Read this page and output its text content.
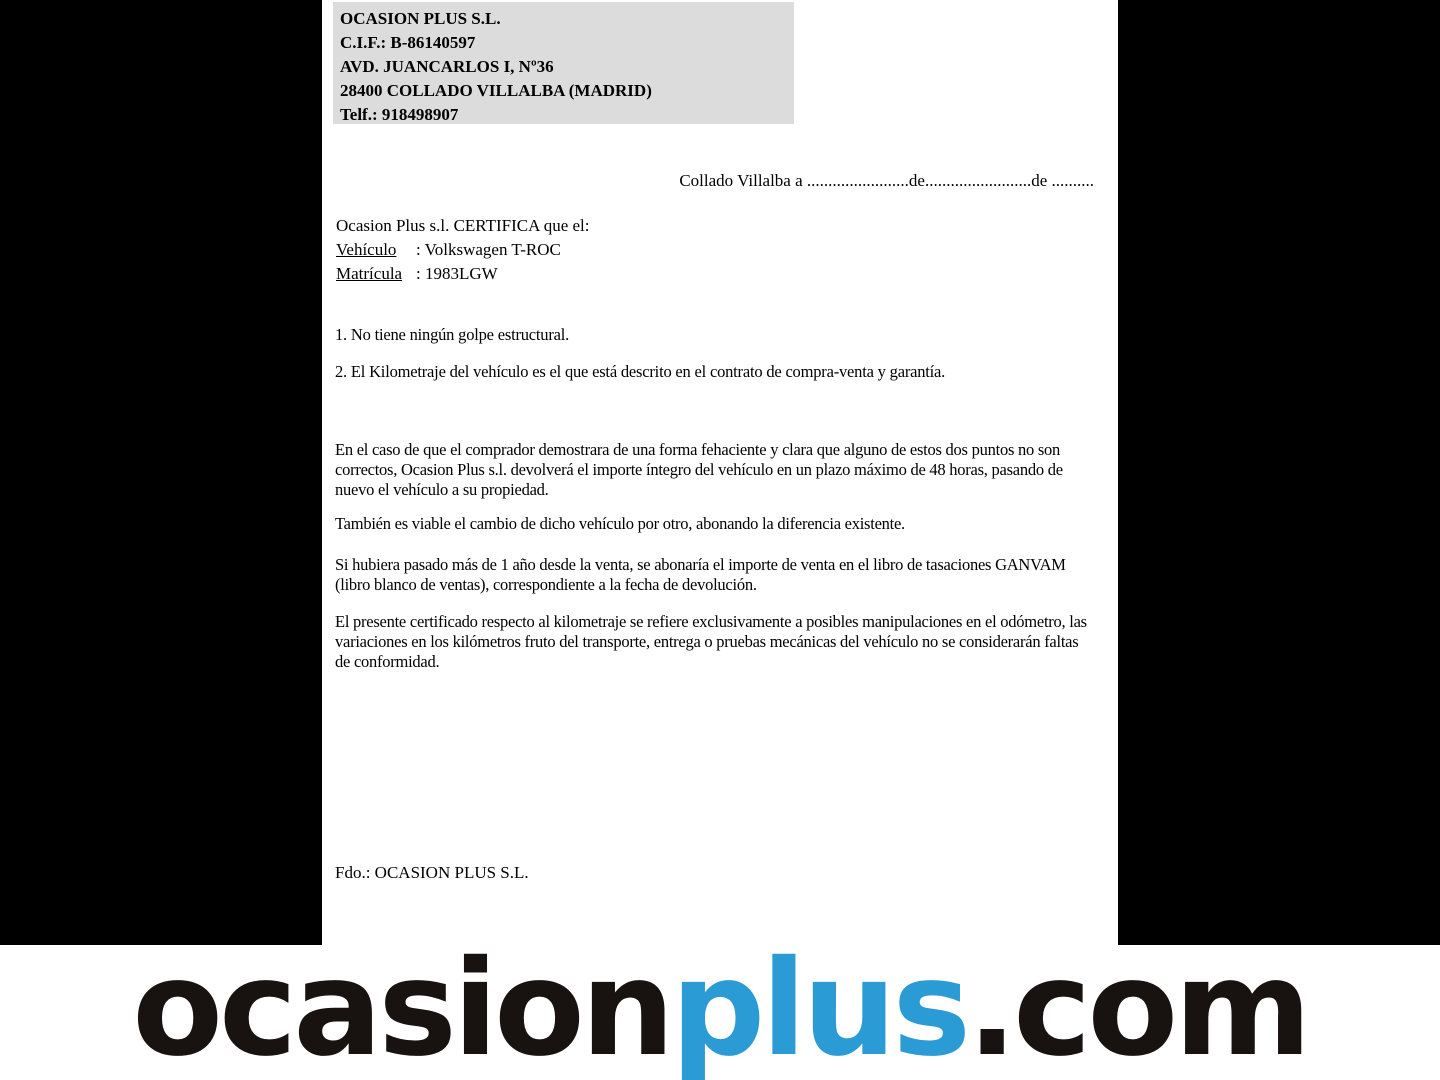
OCASION PLUS S.L.
C.I.F.: B-86140597
AVD. JUANCARLOS I, Nº36
28400 COLLADO VILLALBA (MADRID)
Telf.: 918498907
Collado Villalba a ........................de.........................de ..........
Ocasion Plus s.l. CERTIFICA que el:
Vehículo : Volkswagen T-ROC
Matrícula : 1983LGW
1. No tiene ningún golpe estructural.
2. El Kilometraje del vehículo es el que está descrito en el contrato de compra-venta y garantía.
En el caso de que el comprador demostrara de una forma fehaciente y clara que alguno de estos dos puntos no son correctos, Ocasion Plus s.l. devolverá el importe íntegro del vehículo en un plazo máximo de 48 horas, pasando de nuevo el vehículo a su propiedad.
También es viable el cambio de dicho vehículo por otro, abonando la diferencia existente.
Si hubiera pasado más de 1 año desde la venta, se abonaría el importe de venta en el libro de tasaciones GANVAM (libro blanco de ventas), correspondiente a la fecha de devolución.
El presente certificado respecto al kilometraje se refiere exclusivamente a posibles manipulaciones en el odómetro, las variaciones en los kilómetros fruto del transporte, entrega o pruebas mecánicas del vehículo no se considerarán faltas de conformidad.
Fdo.: OCASION PLUS S.L.
ocasionplus.com
